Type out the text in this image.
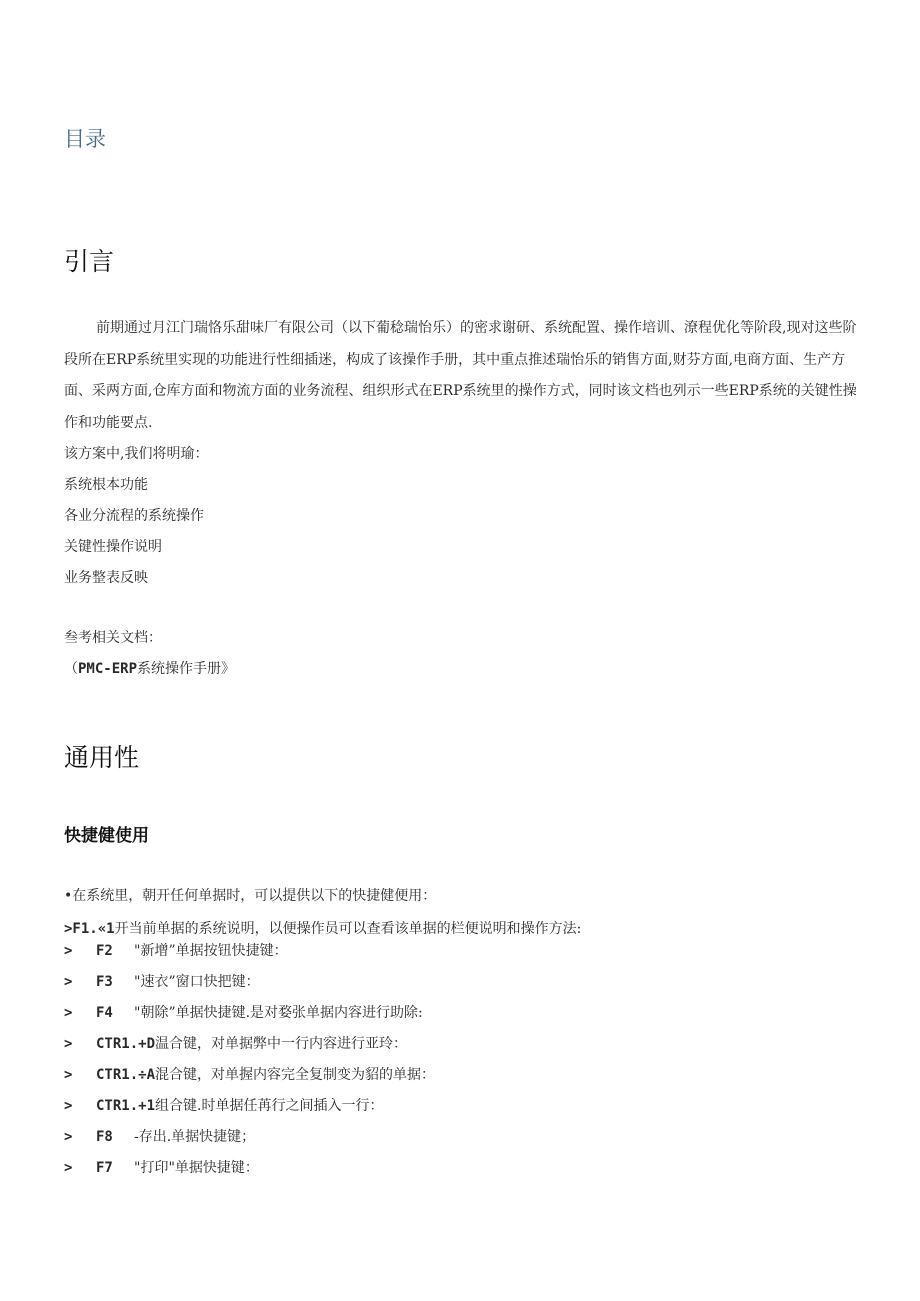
目录
引言
前期通过月江门瑞恪乐甜味厂有限公司（以下葡稔瑞怡乐）的密求谢研、系统配置、操作培训、潦程优化等阶段,现对这些阶段所在ERP系统里实现的功能进行性细插迷，构成了该操作手册，其中重点推述瑞怡乐的销售方面,财芬方面,电商方面、生产方面、采两方面,仓库方面和物流方面的业务流程、组织形式在ERP系统里的操作方式，同时该文档也列示一些ERP系统的关键性操作和功能要点.
该方案中,我们将明瑜：
系统根本功能
各业分流程的系统操作
关键性操作说明
业务整表反映
叁考相关文档：
（PMC-ERP系统操作手册》
通用性
快捷健使用
•在系统里，朝开任何单据时，可以提供以下的快捷健便用：
>F1.«1开当前单据的系统说明，以便操作员可以查看该单据的栏便说明和操作方法:
> F2 "新增”单据按钮快捷键：
> F3 "速衣”窗口快把键：
> F4 "朝除”单据快捷键.是对婺张单据内容进行助除:
> CTR1.+D温合键，对单据弊中一行内容进行亚玲：
> CTR1.÷A混合键，对单握内容完全复制变为貂的单据：
> CTR1.+1组合键.时单据任苒行之间插入一行：
> F8 -存出.单据快捷键；
> F7 "打印"单据快捷键：
